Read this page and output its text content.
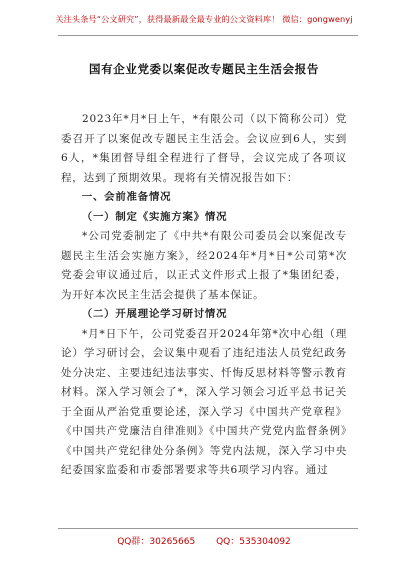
关注头条号“公文研究”，获得最新最全最专业的公文资料库！ 微信：gongwenyj
国有企业党委以案促改专题民主生活会报告

2023年*月*日上午，*有限公司（以下简称公司）党委召开了以案促改专题民主生活会。会议应到6人，实到6人，*集团督导组全程进行了督导，会议完成了各项议程，达到了预期效果。现将有关情况报告如下：

一、会前准备情况

（一）制定《实施方案》情况

*公司党委制定了《中共*有限公司委员会以案促改专题民主生活会实施方案》，经2024年*月*日*公司第*次党委会审议通过后，以正式文件形式上报了*集团纪委，为开好本次民主生活会提供了基本保证。

（二）开展理论学习研讨情况

*月*日下午，公司党委召开2024年第*次中心组（理论）学习研讨会，会议集中观看了违纪违法人员党纪政务处分决定、主要违纪违法事实、忏悔反思材料等警示教育材料。深入学习领会了*，深入学习领会习近平总书记关于全面从严治党重要论述，深入学习《中国共产党章程》《中国共产党廉洁自律准则》《中国共产党党内监督条例》《中国共产党纪律处分条例》等党内法规，深入学习中央纪委国家监委和市委部署要求等共6项学习内容。通过

QQ群：30265665 QQ：535304092
